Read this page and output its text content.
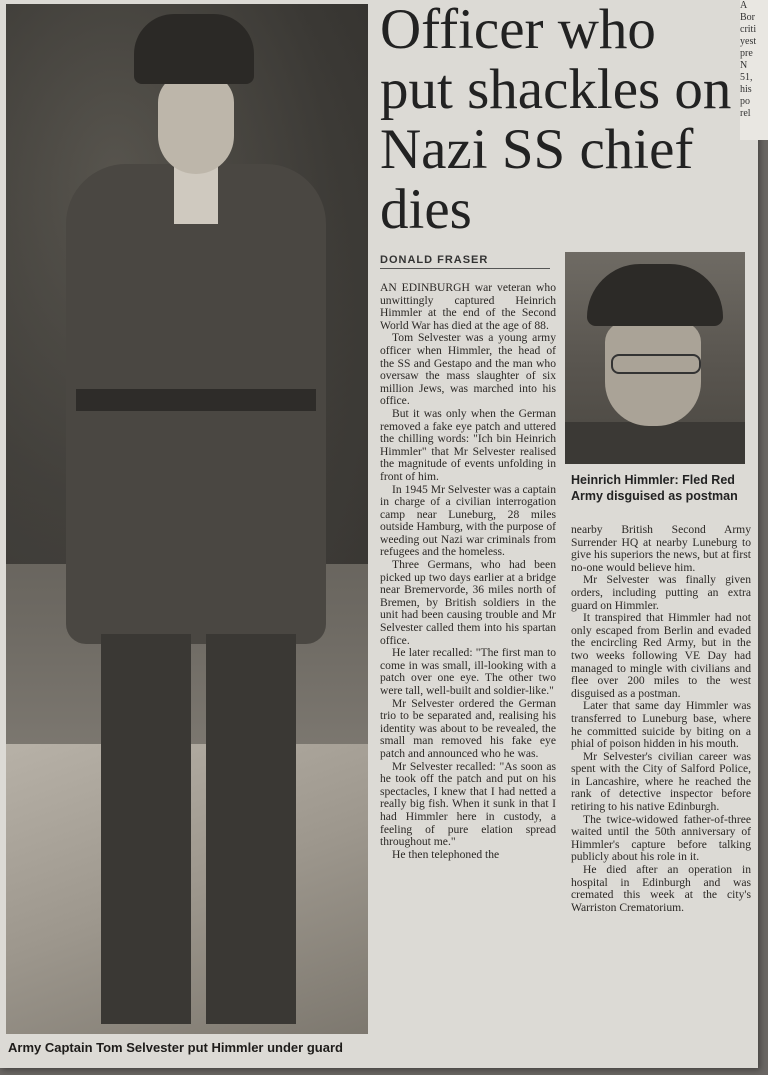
Army Captain Tom Selvester put Himmler under guard
Officer who put shackles on Nazi SS chief dies
DONALD FRASER

AN EDINBURGH war veteran who unwittingly captured Heinrich Himmler at the end of the Second World War has died at the age of 88.

Tom Selvester was a young army officer when Himmler, the head of the SS and Gestapo and the man who oversaw the mass slaughter of six million Jews, was marched into his office.

But it was only when the German removed a fake eye patch and uttered the chilling words: "Ich bin Heinrich Himmler" that Mr Selvester realised the magnitude of events unfolding in front of him.

In 1945 Mr Selvester was a captain in charge of a civilian interrogation camp near Luneburg, 28 miles outside Hamburg, with the purpose of weeding out Nazi war criminals from refugees and the homeless.

Three Germans, who had been picked up two days earlier at a bridge near Bremervorde, 36 miles north of Bremen, by British soldiers in the unit had been causing trouble and Mr Selvester called them into his spartan office.

He later recalled: "The first man to come in was small, ill-looking with a patch over one eye. The other two were tall, well-built and soldier-like."

Mr Selvester ordered the German trio to be separated and, realising his identity was about to be revealed, the small man removed his fake eye patch and announced who he was.

Mr Selvester recalled: "As soon as he took off the patch and put on his spectacles, I knew that I had netted a really big fish. When it sunk in that I had Himmler here in custody, a feeling of pure elation spread throughout me."

He then telephoned the

Heinrich Himmler: Fled Red Army disguised as postman

nearby British Second Army Surrender HQ at nearby Luneburg to give his superiors the news, but at first no-one would believe him.

Mr Selvester was finally given orders, including putting an extra guard on Himmler.

It transpired that Himmler had not only escaped from Berlin and evaded the encircling Red Army, but in the two weeks following VE Day had managed to mingle with civilians and flee over 200 miles to the west disguised as a postman.

Later that same day Himmler was transferred to Luneburg base, where he committed suicide by biting on a phial of poison hidden in his mouth.

Mr Selvester's civilian career was spent with the City of Salford Police, in Lancashire, where he reached the rank of detective inspector before retiring to his native Edinburgh.

The twice-widowed father-of-three waited until the 50th anniversary of Himmler's capture before talking publicly about his role in it.

He died after an operation in hospital in Edinburgh and was cremated this week at the city's Warriston Crematorium.

A
Bor
criti
yest
pre
N
51,
his
po
rel
